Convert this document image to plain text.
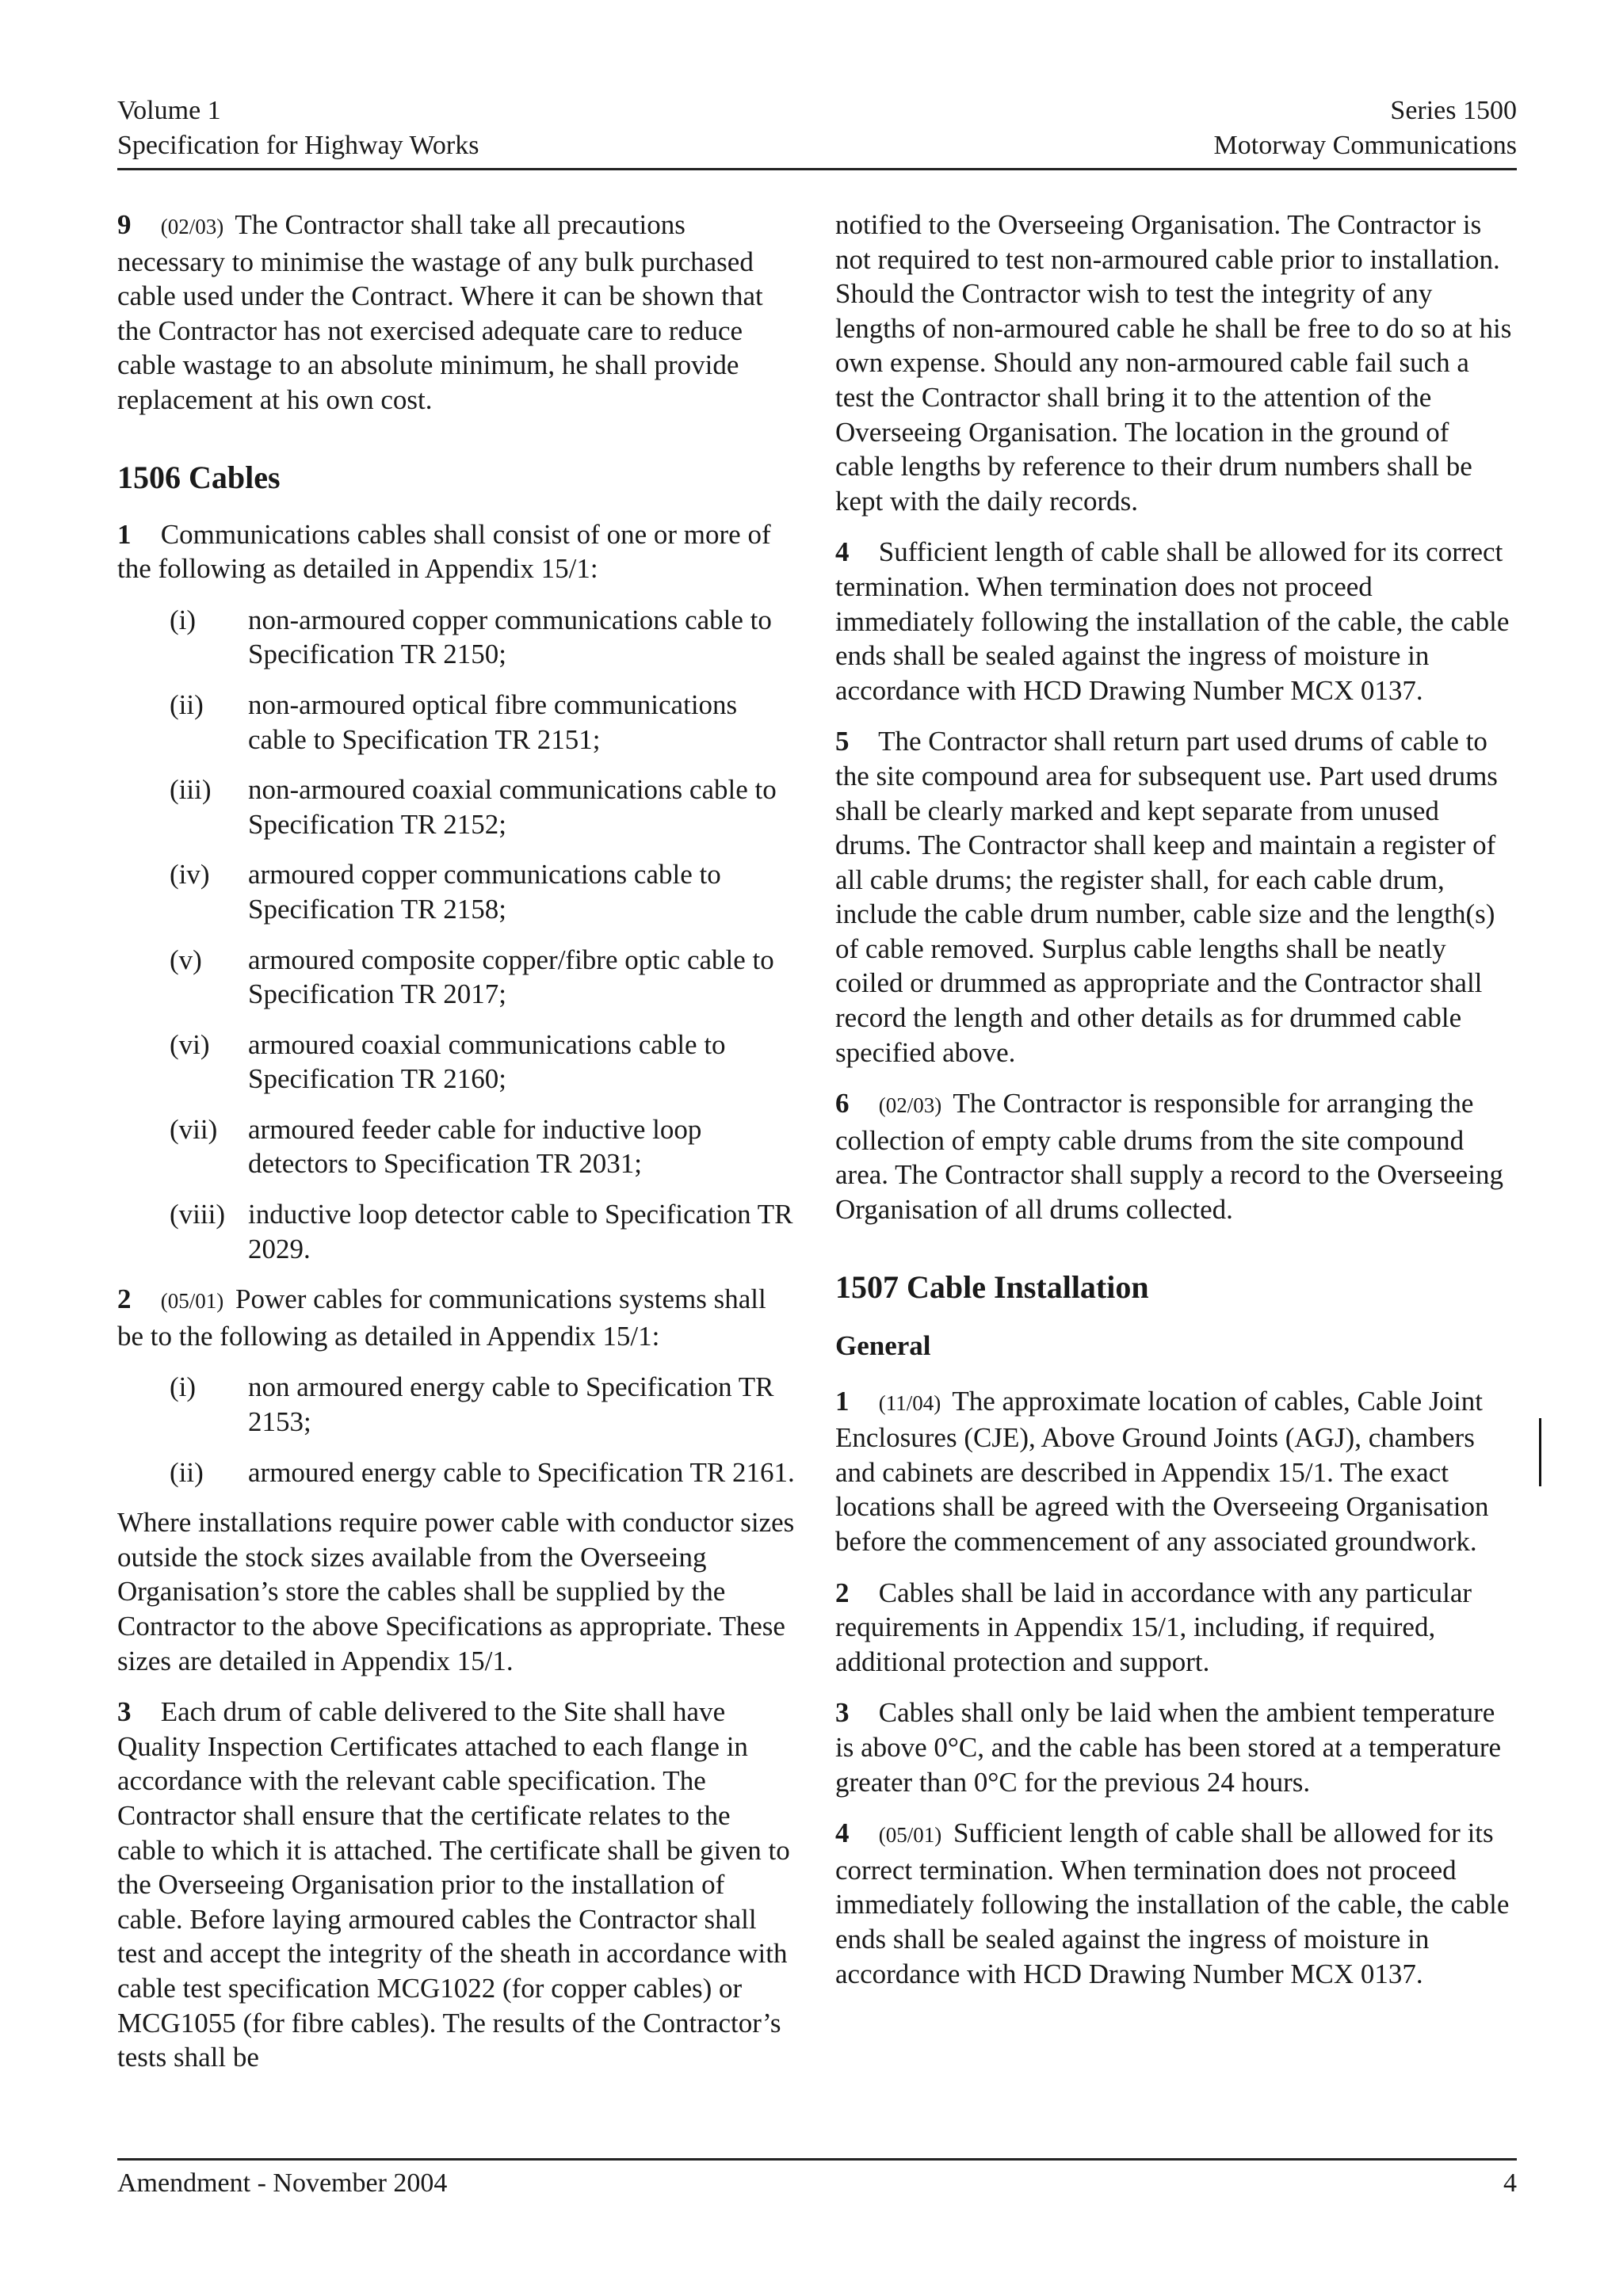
Volume 1
Specification for Highway Works
Series 1500
Motorway Communications

9 (02/03) The Contractor shall take all precautions necessary to minimise the wastage of any bulk purchased cable used under the Contract. Where it can be shown that the Contractor has not exercised adequate care to reduce cable wastage to an absolute minimum, he shall provide replacement at his own cost.

1506 Cables

1 Communications cables shall consist of one or more of the following as detailed in Appendix 15/1:

(i) non-armoured copper communications cable to Specification TR 2150;
(ii) non-armoured optical fibre communications cable to Specification TR 2151;
(iii) non-armoured coaxial communications cable to Specification TR 2152;
(iv) armoured copper communications cable to Specification TR 2158;
(v) armoured composite copper/fibre optic cable to Specification TR 2017;
(vi) armoured coaxial communications cable to Specification TR 2160;
(vii) armoured feeder cable for inductive loop detectors to Specification TR 2031;
(viii) inductive loop detector cable to Specification TR 2029.

2 (05/01) Power cables for communications systems shall be to the following as detailed in Appendix 15/1:

(i) non armoured energy cable to Specification TR 2153;
(ii) armoured energy cable to Specification TR 2161.

Where installations require power cable with conductor sizes outside the stock sizes available from the Overseeing Organisation’s store the cables shall be supplied by the Contractor to the above Specifications as appropriate. These sizes are detailed in Appendix 15/1.

3 Each drum of cable delivered to the Site shall have Quality Inspection Certificates attached to each flange in accordance with the relevant cable specification. The Contractor shall ensure that the certificate relates to the cable to which it is attached. The certificate shall be given to the Overseeing Organisation prior to the installation of cable. Before laying armoured cables the Contractor shall test and accept the integrity of the sheath in accordance with cable test specification MCG1022 (for copper cables) or MCG1055 (for fibre cables). The results of the Contractor’s tests shall be

notified to the Overseeing Organisation. The Contractor is not required to test non-armoured cable prior to installation. Should the Contractor wish to test the integrity of any lengths of non-armoured cable he shall be free to do so at his own expense. Should any non-armoured cable fail such a test the Contractor shall bring it to the attention of the Overseeing Organisation. The location in the ground of cable lengths by reference to their drum numbers shall be kept with the daily records.

4 Sufficient length of cable shall be allowed for its correct termination. When termination does not proceed immediately following the installation of the cable, the cable ends shall be sealed against the ingress of moisture in accordance with HCD Drawing Number MCX 0137.

5 The Contractor shall return part used drums of cable to the site compound area for subsequent use. Part used drums shall be clearly marked and kept separate from unused drums. The Contractor shall keep and maintain a register of all cable drums; the register shall, for each cable drum, include the cable drum number, cable size and the length(s) of cable removed. Surplus cable lengths shall be neatly coiled or drummed as appropriate and the Contractor shall record the length and other details as for drummed cable specified above.

6 (02/03) The Contractor is responsible for arranging the collection of empty cable drums from the site compound area. The Contractor shall supply a record to the Overseeing Organisation of all drums collected.

1507 Cable Installation
General

1 (11/04) The approximate location of cables, Cable Joint Enclosures (CJE), Above Ground Joints (AGJ), chambers and cabinets are described in Appendix 15/1. The exact locations shall be agreed with the Overseeing Organisation before the commencement of any associated groundwork.

2 Cables shall be laid in accordance with any particular requirements in Appendix 15/1, including, if required, additional protection and support.

3 Cables shall only be laid when the ambient temperature is above 0°C, and the cable has been stored at a temperature greater than 0°C for the previous 24 hours.

4 (05/01) Sufficient length of cable shall be allowed for its correct termination. When termination does not proceed immediately following the installation of the cable, the cable ends shall be sealed against the ingress of moisture in accordance with HCD Drawing Number MCX 0137.

Amendment - November 2004	4
